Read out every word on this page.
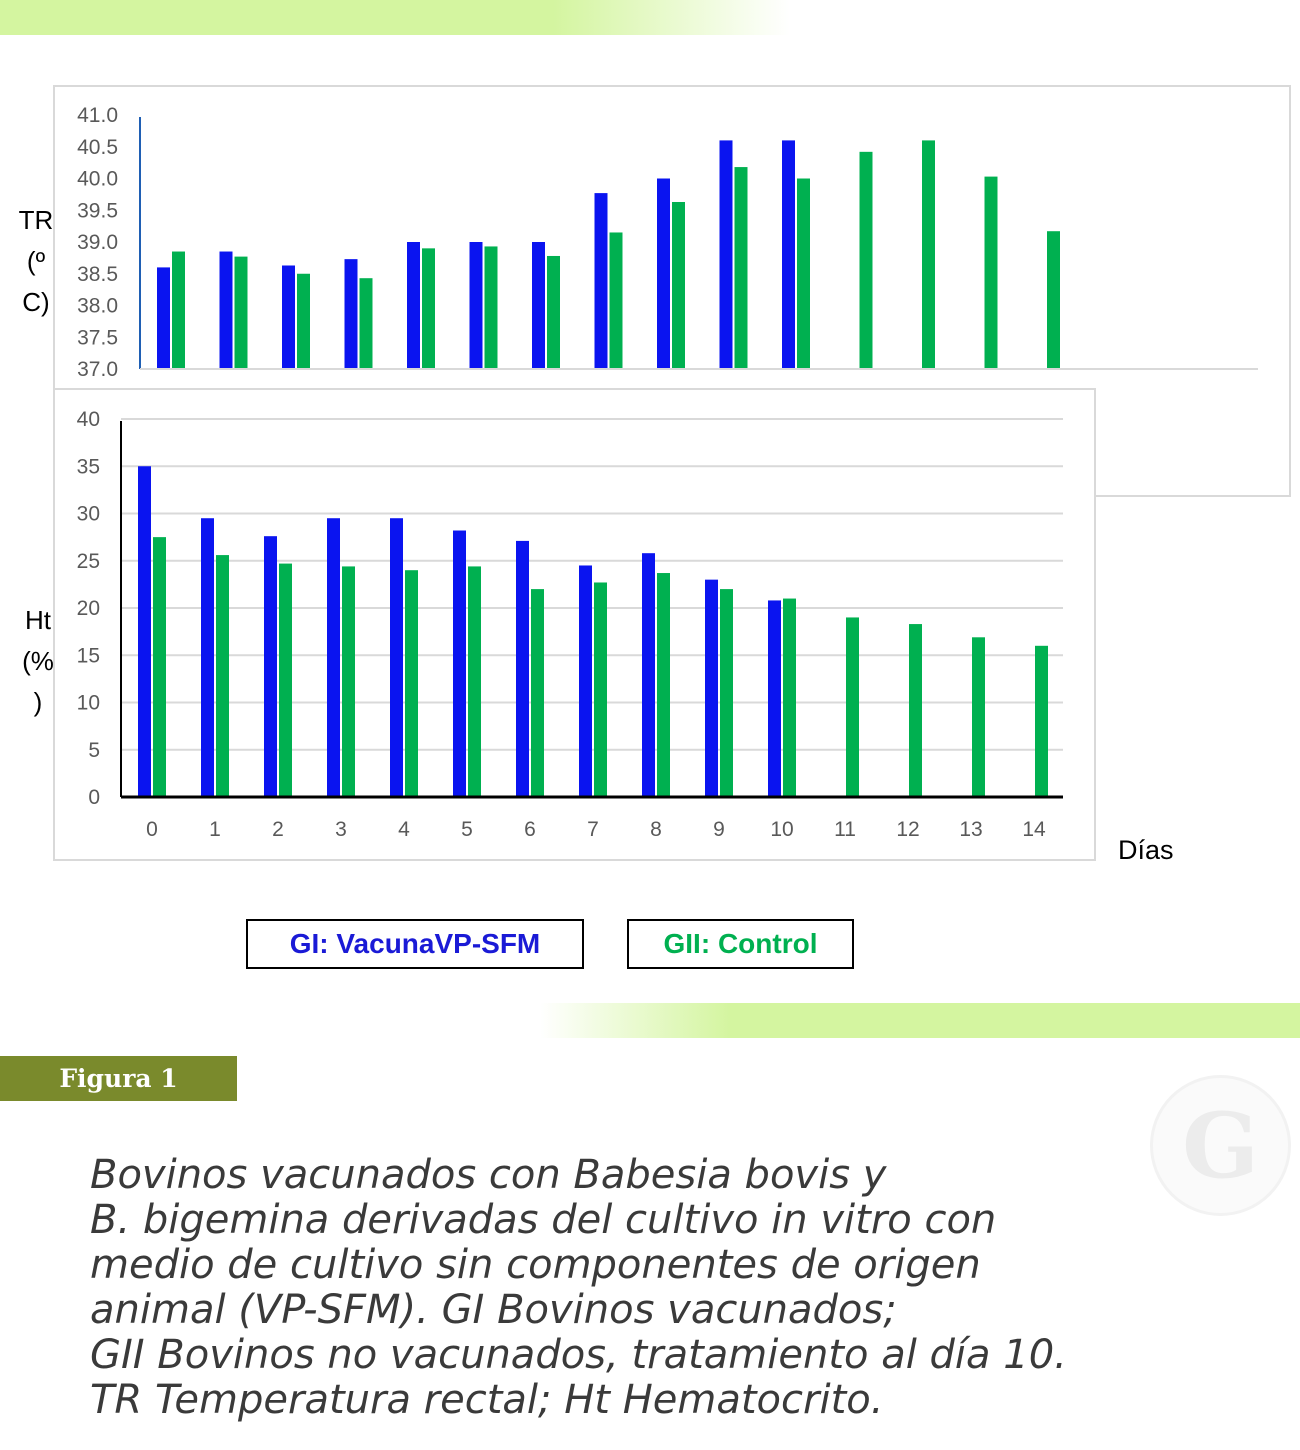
41.0
40.5
40.0
39.5
39.0
38.5
38.0
37.5
37.0
40
35
30
25
20
15
10
5
0
0 1 2 3 4 5 6 7 8 9 10 11 12 13 14
TR (º C)
Ht (% )
Días
GI: VacunaVP-SFM	GII: Control
Figura 1
G
Bovinos vacunados con Babesia bovis y
B. bigemina derivadas del cultivo in vitro con
medio de cultivo sin componentes de origen
animal (VP-SFM). GI Bovinos vacunados;
GII Bovinos no vacunados, tratamiento al día 10.
TR Temperatura rectal; Ht Hematocrito.
